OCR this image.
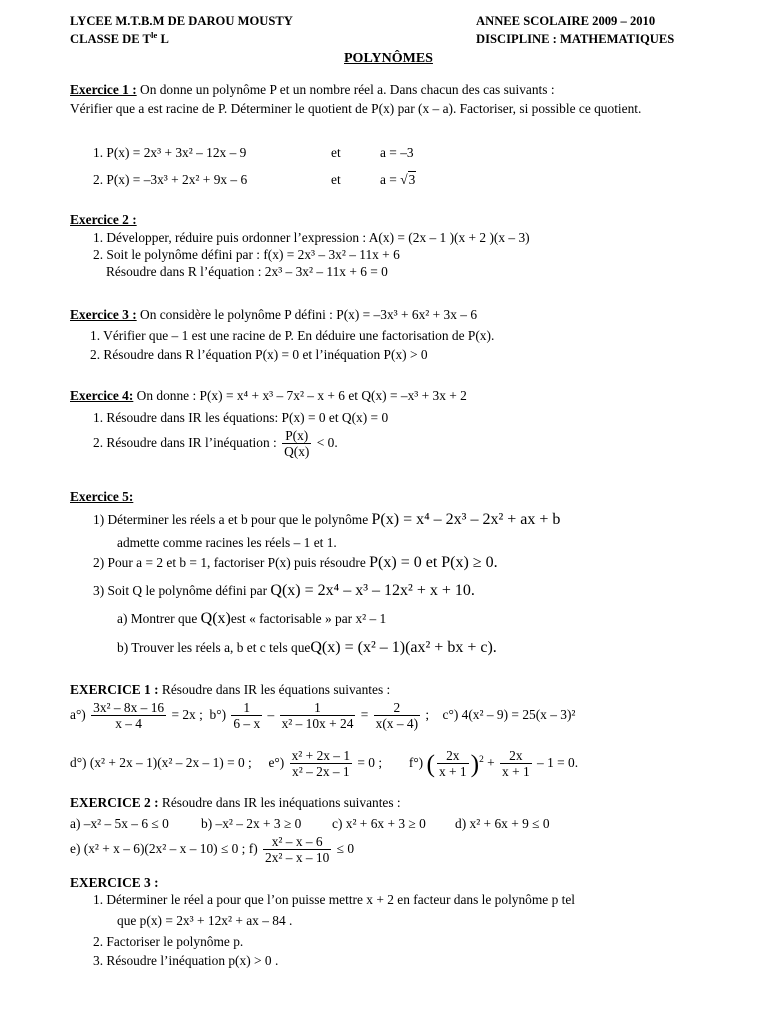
LYCEE M.T.B.M DE DAROU MOUSTY	ANNEE SCOLAIRE 2009 – 2010
CLASSE DE $T^{le}$ L	DISCIPLINE : MATHEMATIQUES
POLYNÔMES
Exercice 1 : On donne un polynôme P et un nombre réel a. Dans chacun des cas suivants :
Vérifier que a est racine de P. Déterminer le quotient de P(x) par (x – a). Factoriser, si possible ce quotient.
1. P(x) = 2x³ + 3x² – 12x – 9	et	a = –3
2. P(x) = –3x³ + 2x² + 9x – 6	et	a = √3
Exercice 2 :
1. Développer, réduire puis ordonner l’expression : A(x) = (2x – 1 )(x + 2 )(x – 3)
2. Soit le polynôme défini par : f(x) = 2x³ – 3x² – 11x + 6
Résoudre dans R l’équation : 2x³ – 3x² – 11x + 6 = 0
Exercice 3 : On considère le polynôme P défini : P(x) = –3x³ + 6x² + 3x – 6
1. Vérifier que – 1 est une racine de P. En déduire une factorisation de P(x).
2. Résoudre dans R l’équation P(x) = 0 et l’inéquation P(x) > 0
Exercice 4: On donne : P(x) = x⁴ + x³ – 7x² – x + 6 et Q(x) = –x³ + 3x + 2
1. Résoudre dans IR les équations: P(x) = 0 et Q(x) = 0
2. Résoudre dans IR l’inéquation : $\frac{P(x)}{Q(x)} < 0$.
Exercice 5:
1) Déterminer les réels a et b pour que le polynôme P(x) = x⁴ – 2x³ – 2x² + ax + b
admette comme racines les réels – 1 et 1.
2) Pour a = 2 et b = 1, factoriser P(x) puis résoudre P(x) = 0 et P(x) ≥ 0.
3) Soit Q le polynôme défini par Q(x) = 2x⁴ – x³ – 12x² + x + 10.
a) Montrer que Q(x)est « factorisable » par x² – 1
b) Trouver les réels a, b et c tels queQ(x) = (x² – 1)(ax² + bx + c).
EXERCICE 1 : Résoudre dans IR les équations suivantes :
$a^\circ) \frac{\text{3x² – 8x – 16}}{x - 4} = 2x$ ; $b^\circ) \frac{1}{6 - x} - \frac{1}{\text{x² – 10x + 24}} = \frac{2}{x(x - 4)}$ ; c°) 4(x² – 9) = 25(x – 3)²
d°) (x² + 2x – 1)(x² – 2x – 1) = 0 ; $e^\circ) \frac{\text{x² + 2x – 1}}{\text{x² – 2x – 1}} = 0$ ; f°) ( $\frac{2x}{x + 1} )^2 + \frac{2x}{x + 1} - 1 = 0$.
EXERCICE 2 : Résoudre dans IR les inéquations suivantes :
a) –x² – 5x – 6 ≤ 0 b) –x² – 2x + 3 ≥ 0 c) x² + 6x + 3 ≥ 0 d) x² + 6x + 9 ≤ 0
e) (x² + x – 6)(2x² – x – 10) ≤ 0 ; $f) \frac{\text{x² – x – 6}}{\text{2x² – x – 10}} \le 0$
EXERCICE 3 :
1. Déterminer le réel a pour que l’on puisse mettre x + 2 en facteur dans le polynôme p tel
que p(x) = 2x³ + 12x² + ax – 84 .
2. Factoriser le polynôme p.
3. Résoudre l’inéquation p(x) > 0 .
